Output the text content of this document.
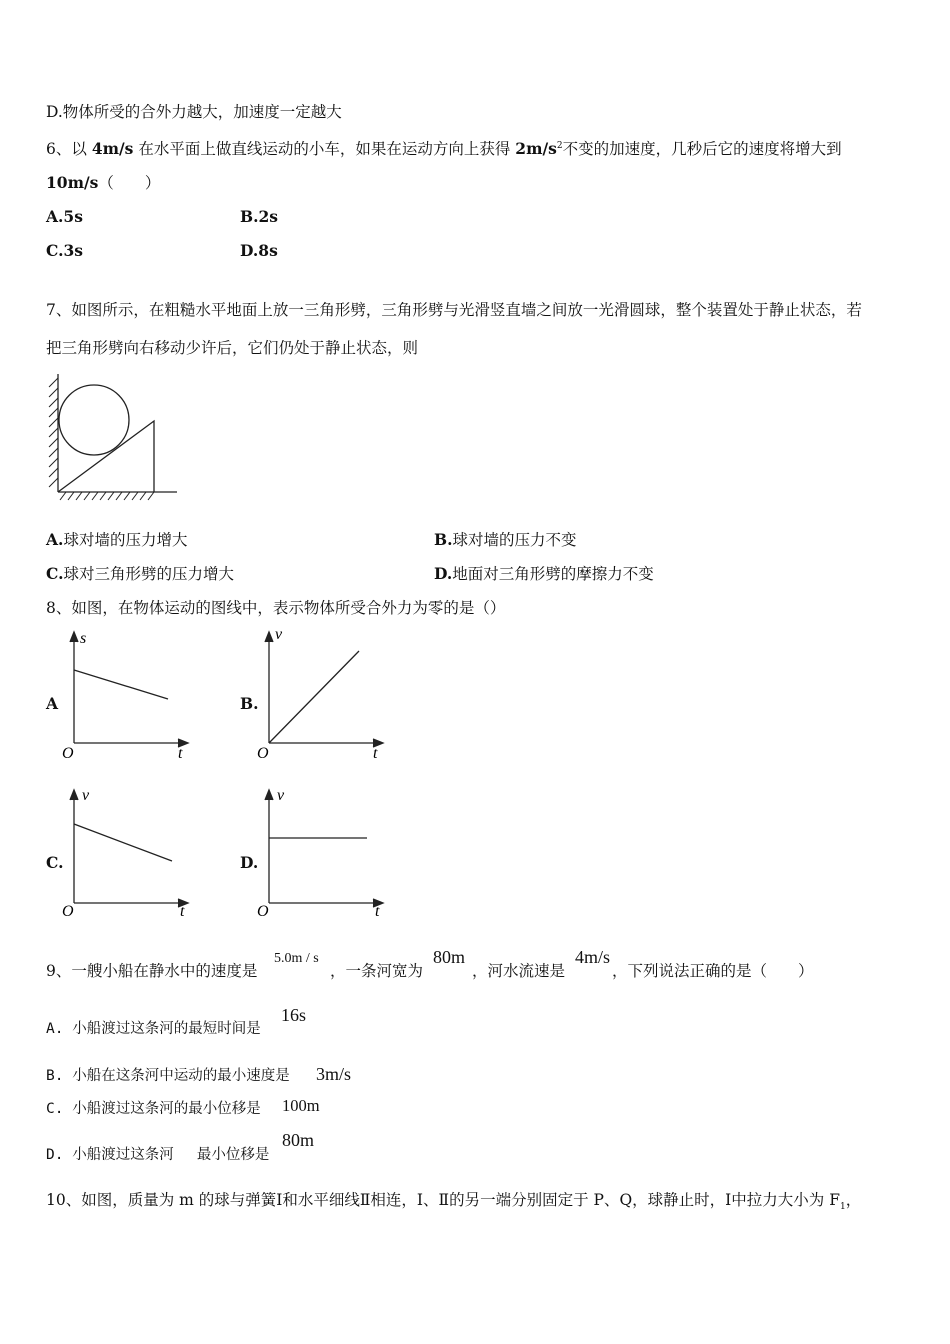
D.物体所受的合外力越大，加速度一定越大
6、以 4m/s 在水平面上做直线运动的小车，如果在运动方向上获得 $2m/s^2$不变的加速度，几秒后它的速度将增大到
10m/s（　　）
A.5s	B.2s
C.3s	D.8s
7、如图所示，在粗糙水平地面上放一三角形劈，三角形劈与光滑竖直墙之间放一光滑圆球，整个装置处于静止状态，若
把三角形劈向右移动少许后，它们仍处于静止状态，则
A.球对墙的压力增大	B.球对墙的压力不变
C.球对三角形劈的压力增大	D.地面对三角形劈的摩擦力不变
8、如图，在物体运动的图线中，表示物体所受合外力为零的是（）
A	B.
C.	D.
s
t
O
v
t
O
v
t
O
v
t
O
9、一艘小船在静水中的速度是
5.0m / s
，一条河宽为
80m
，河水流速是
4m/s
，下列说法正确的是（　　）
A. 小船渡过这条河的最短时间是
16s
B. 小船在这条河中运动的最小速度是 3m/s
C. 小船渡过这条河的最小位移是 100m
D. 小船渡过这条河　 最小位移是
80m
10、如图，质量为 m 的球与弹簧Ⅰ和水平细线Ⅱ相连，Ⅰ、Ⅱ的另一端分别固定于 P、Q，球静止时，Ⅰ中拉力大小为 $F_1$，
